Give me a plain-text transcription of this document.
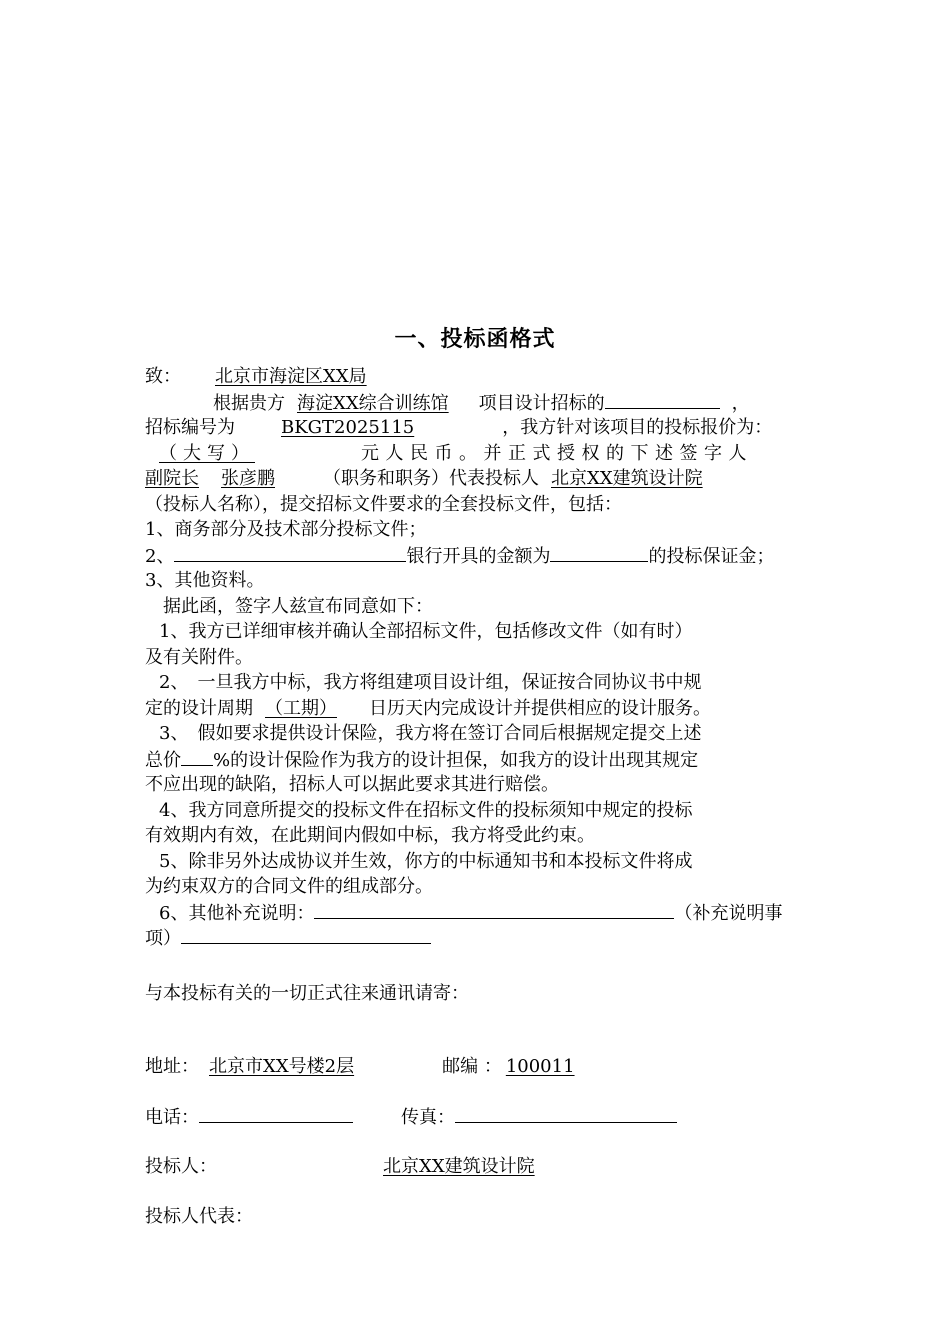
一、投标函格式
致： 北京市海淀区XX局
根据贵方 海淀XX综合训练馆 项目设计招标的	，
招标编号为	BKGT2025115	，我方针对该项目的投标报价为：
（大写）	元人民币。并正式授权的下述签字人
副院长 张彦鹏	（职务和职务）代表投标人 北京XX建筑设计院
（投标人名称），提交招标文件要求的全套投标文件，包括：
1、商务部分及技术部分投标文件；
2、	银行开具的金额为	的投标保证金；
3、其他资料。
据此函，签字人兹宣布同意如下：
1、我方已详细审核并确认全部招标文件，包括修改文件（如有时）
及有关附件。
2、　一旦我方中标，我方将组建项目设计组，保证按合同协议书中规
定的设计周期 （工期） 日历天内完成设计并提供相应的设计服务。
3、　假如要求提供设计保险，我方将在签订合同后根据规定提交上述
总价 %的设计保险作为我方的设计担保，如我方的设计出现其规定
不应出现的缺陷，招标人可以据此要求其进行赔偿。
4、我方同意所提交的投标文件在招标文件的投标须知中规定的投标
有效期内有效，在此期间内假如中标，我方将受此约束。
5、除非另外达成协议并生效，你方的中标通知书和本投标文件将成
为约束双方的合同文件的组成部分。
6、其他补充说明：	（补充说明事
项）
与本投标有关的一切正式往来通讯请寄：
地址： 北京市XX号楼2层	邮编 ： 100011
电话：	传真：
投标人：	北京XX建筑设计院
投标人代表：
